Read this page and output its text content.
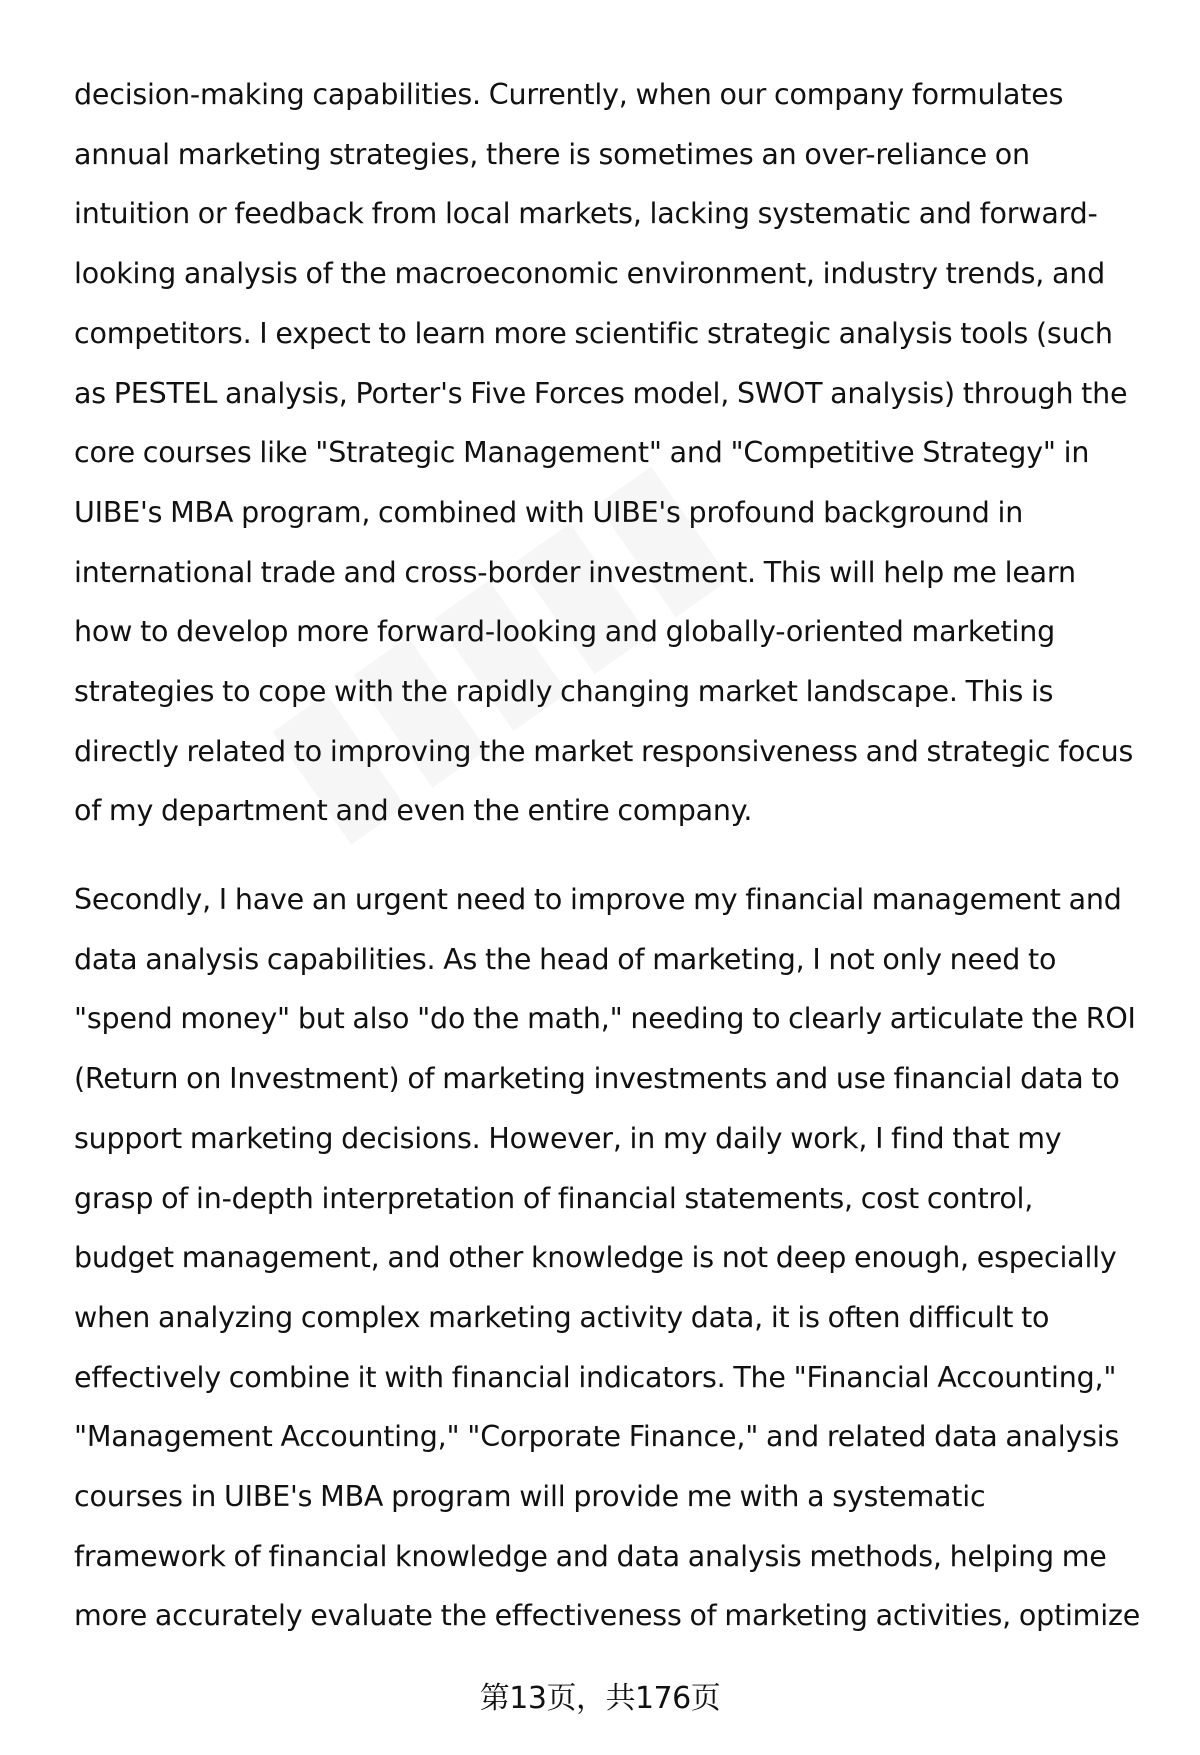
decision-making capabilities. Currently, when our company formulates
annual marketing strategies, there is sometimes an over-reliance on
intuition or feedback from local markets, lacking systematic and forward-
looking analysis of the macroeconomic environment, industry trends, and
competitors. I expect to learn more scientific strategic analysis tools (such
as PESTEL analysis, Porter's Five Forces model, SWOT analysis) through the
core courses like "Strategic Management" and "Competitive Strategy" in
UIBE's MBA program, combined with UIBE's profound background in
international trade and cross-border investment. This will help me learn
how to develop more forward-looking and globally-oriented marketing
strategies to cope with the rapidly changing market landscape. This is
directly related to improving the market responsiveness and strategic focus
of my department and even the entire company.
Secondly, I have an urgent need to improve my financial management and
data analysis capabilities. As the head of marketing, I not only need to
"spend money" but also "do the math," needing to clearly articulate the ROI
(Return on Investment) of marketing investments and use financial data to
support marketing decisions. However, in my daily work, I find that my
grasp of in-depth interpretation of financial statements, cost control,
budget management, and other knowledge is not deep enough, especially
when analyzing complex marketing activity data, it is often difficult to
effectively combine it with financial indicators. The "Financial Accounting,"
"Management Accounting," "Corporate Finance," and related data analysis
courses in UIBE's MBA program will provide me with a systematic
framework of financial knowledge and data analysis methods, helping me
more accurately evaluate the effectiveness of marketing activities, optimize
第13页，共176页
